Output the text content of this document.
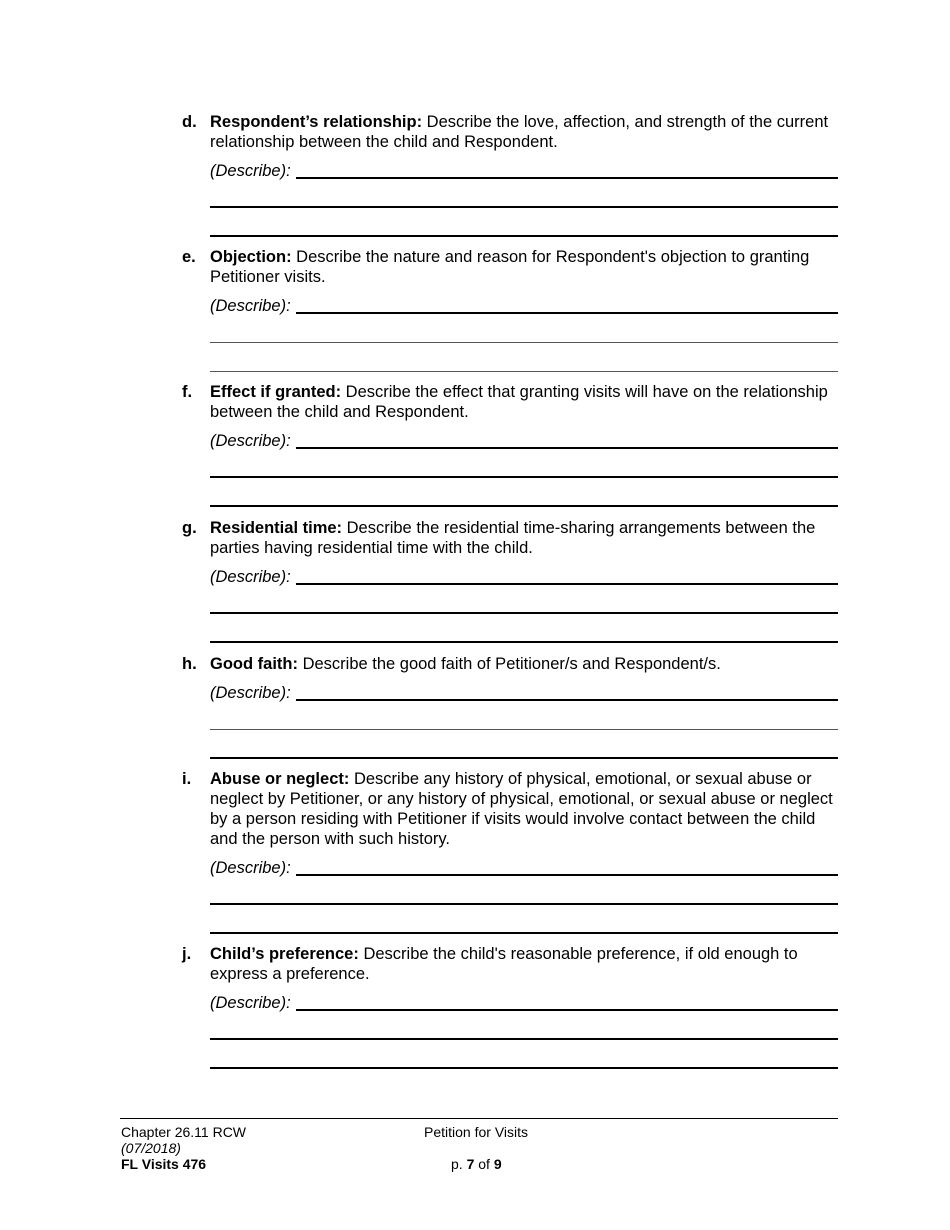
d. Respondent’s relationship: Describe the love, affection, and strength of the current relationship between the child and Respondent.
(Describe):
e. Objection: Describe the nature and reason for Respondent's objection to granting Petitioner visits.
(Describe):
f. Effect if granted: Describe the effect that granting visits will have on the relationship between the child and Respondent.
(Describe):
g. Residential time: Describe the residential time-sharing arrangements between the parties having residential time with the child.
(Describe):
h. Good faith: Describe the good faith of Petitioner/s and Respondent/s.
(Describe):
i. Abuse or neglect: Describe any history of physical, emotional, or sexual abuse or neglect by Petitioner, or any history of physical, emotional, or sexual abuse or neglect by a person residing with Petitioner if visits would involve contact between the child and the person with such history.
(Describe):
j. Child’s preference: Describe the child's reasonable preference, if old enough to express a preference.
(Describe):
Chapter 26.11 RCW
(07/2018)
FL Visits 476
Petition for Visits
p. 7 of 9
